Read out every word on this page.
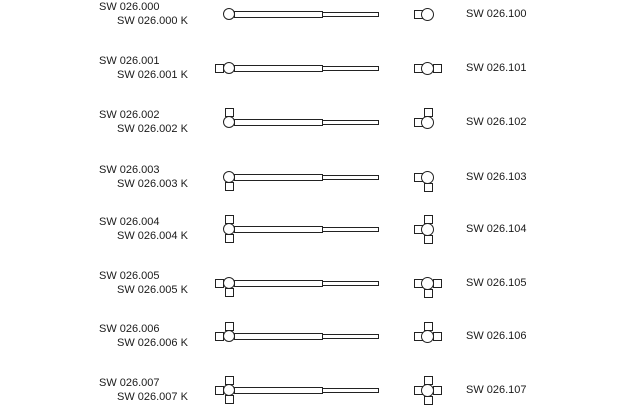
SW 026.000
SW 026.000 K
SW 026.100
SW 026.001
SW 026.001 K
SW 026.101
SW 026.002
SW 026.002 K
SW 026.102
SW 026.003
SW 026.003 K
SW 026.103
SW 026.004
SW 026.004 K
SW 026.104
SW 026.005
SW 026.005 K
SW 026.105
SW 026.006
SW 026.006 K
SW 026.106
SW 026.007
SW 026.007 K
SW 026.107
